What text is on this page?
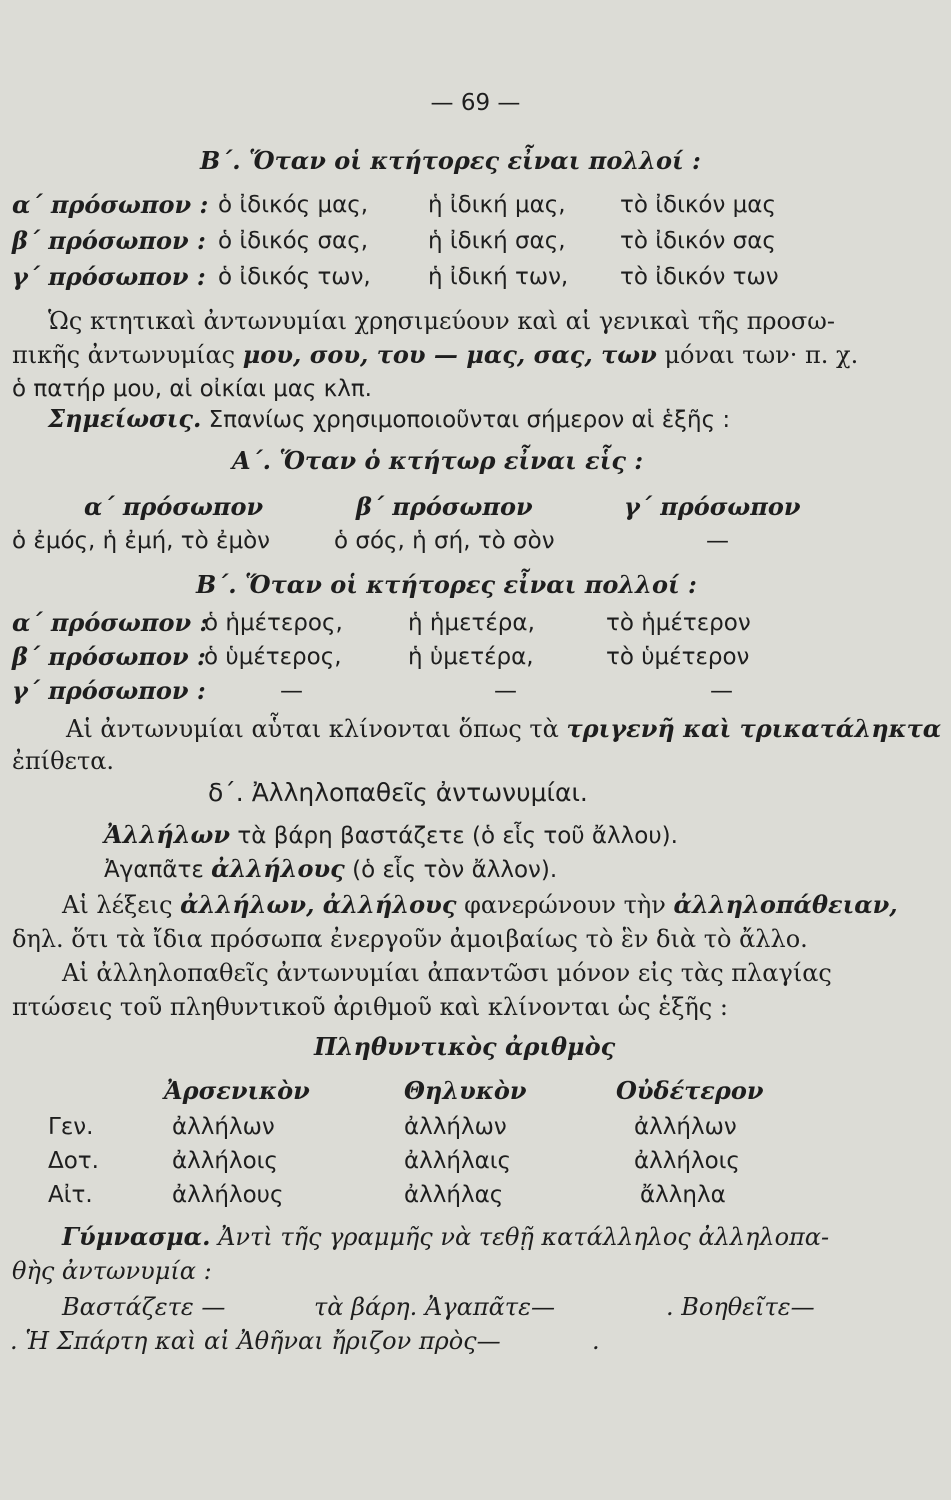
— 69 —
B΄. Ὅταν οἱ κτήτορες εἶναι πολλοί :
α΄ πρόσωπον : ὁ ἰδικός μας,	ἡ ἰδική μας, τὸ ἰδικόν μας
β΄ πρόσωπον : ὁ ἰδικός σας,	ἡ ἰδική σας, τὸ ἰδικόν σας
γ΄ πρόσωπον : ὁ ἰδικός των, ἡ ἰδική των, τὸ ἰδικόν των
Ὡς κτητικαὶ ἀντωνυμίαι χρησιμεύουν καὶ αἱ γενικαὶ τῆς προσω-
πικῆς ἀντωνυμίας μου, σου, του — μας, σας, των μόναι των· π. χ.
ὁ πατήρ μου, αἱ οἰκίαι μας κλπ.
Σημείωσις. Σπανίως χρησιμοποιοῦνται σήμερον αἱ ἑξῆς :
Α΄. Ὅταν ὁ κτήτωρ εἶναι εἷς :
α΄ πρόσωπον	β΄ πρόσωπον	γ΄ πρόσωπον
ὁ ἐμός, ἡ ἐμή, τὸ ἐμὸν	ὁ σός, ἡ σή, τὸ σὸν	—
B΄. Ὅταν οἱ κτήτορες εἶναι πολλοί :
α΄ πρόσωπον :
ὁ ἡμέτερος,	ἡ ἡμετέρα,	τὸ ἡμέτερον
β΄ πρόσωπον :
ὁ ὑμέτερος,	ἡ ὑμετέρα,	τὸ ὑμέτερον
γ΄ πρόσωπον :	—	—	—
Αἱ ἀντωνυμίαι αὗται κλίνονται ὅπως τὰ τριγενῆ καὶ τρικατάληκτα
ἐπίθετα.
δ΄. Ἀλληλοπαθεῖς ἀντωνυμίαι.
Ἀλλήλων τὰ βάρη βαστάζετε (ὁ εἷς τοῦ ἄλλου).
Ἀγαπᾶτε ἀλλήλους (ὁ εἷς τὸν ἄλλον).
Αἱ λέξεις ἀλλήλων, ἀλλήλους φανερώνουν τὴν ἀλληλοπάθειαν,
δηλ. ὅτι τὰ ἴδια πρόσωπα ἐνεργοῦν ἀμοιβαίως τὸ ἓν διὰ τὸ ἄλλο.
Αἱ ἀλληλοπαθεῖς ἀντωνυμίαι ἀπαντῶσι μόνον εἰς τὰς πλαγίας
πτώσεις τοῦ πληθυντικοῦ ἀριθμοῦ καὶ κλίνονται ὡς ἑξῆς :
Πληθυντικὸς ἀριθμὸς
Ἀρσενικὸν	Θηλυκὸν	Οὐδέτερον
Γεν.	ἀλλήλων	ἀλλήλων	ἀλλήλων
Δοτ.	ἀλλήλοις	ἀλλήλαις	ἀλλήλοις
Αἰτ.	ἀλλήλους	ἀλλήλας	ἄλληλα
Γύμνασμα. Ἀντὶ τῆς γραμμῆς νὰ τεθῇ κατάλληλος ἀλληλοπα-
θὴς ἀντωνυμία :
Βαστάζετε —	τὰ βάρη. Ἀγαπᾶτε—	. Βοηθεῖτε—
. Ἡ Σπάρτη καὶ αἱ Ἀθῆναι ἤριζον πρὸς—	.
